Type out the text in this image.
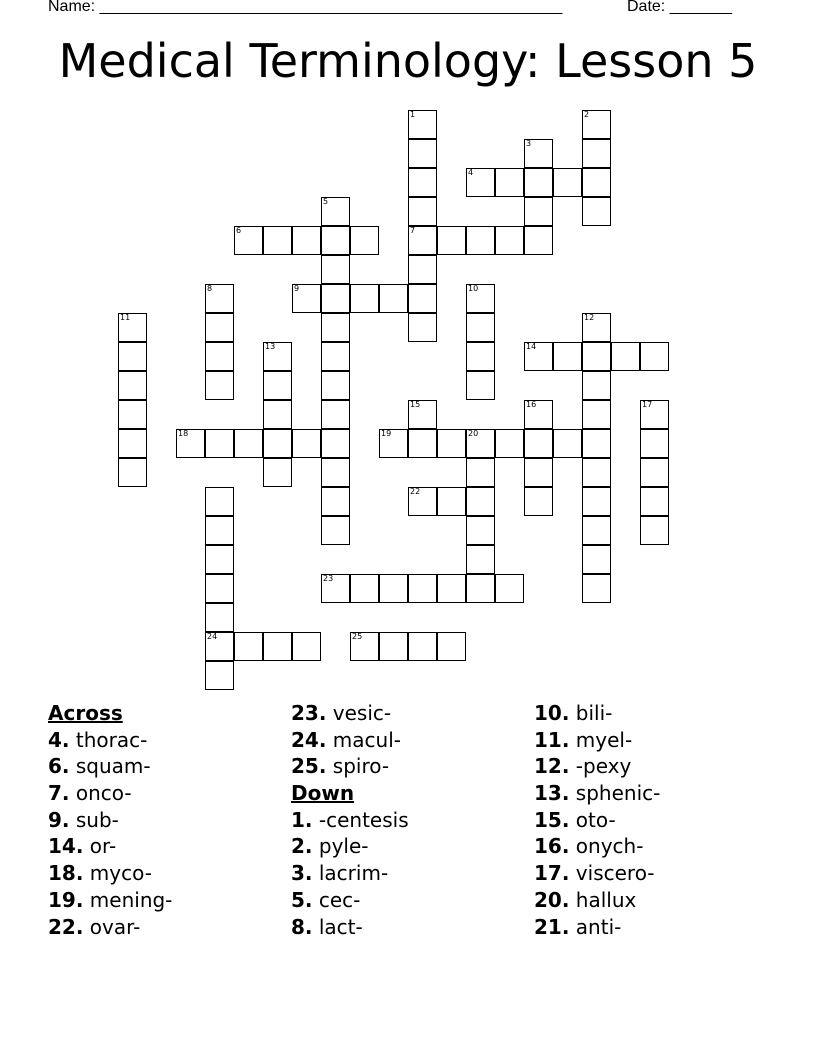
Name: ____________________________________________________	Date: _______
Medical Terminology: Lesson 5
1	2
3
4
5
6	7
8	9	10
11	12
13	14
15	16	17
18	19	20
22
23
24	25
Across
4. thorac-
6. squam-
7. onco-
9. sub-
14. or-
18. myco-
19. mening-
22. ovar-
23. vesic-
24. macul-
25. spiro-
Down
1. -centesis
2. pyle-
3. lacrim-
5. cec-
8. lact-
10. bili-
11. myel-
12. -pexy
13. sphenic-
15. oto-
16. onych-
17. viscero-
20. hallux
21. anti-
